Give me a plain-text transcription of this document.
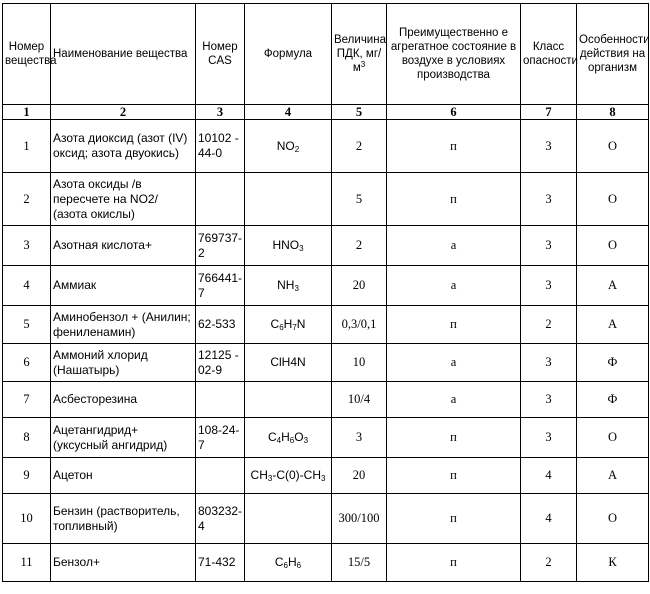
Номер вещества	Наименование вещества	Номер CAS	Формула	Величина ПДК, $мг/м^3$	Преимущественно е агрегатное состояние в воздухе в условиях производства	Класс опасности	Особенности действия на организм
1	2	3	4	5	6	7	8
1	Азота диоксид (азот (IV) оксид; азота двуокись)	10102 - 44-0	$NO_2$	2	п	3	О
2	Азота оксиды /в пересчете на NO2/ (азота окислы)			5	п	3	О
3	Азотная кислота+	769737-2	$HNO_3$	2	а	3	О
4	Аммиак	766441-7	$NH_3$	20	а	3	А
5	Аминобензол + (Анилин; фениленамин)	62-533	$C_6H_7N$	0,3/0,1	п	2	А
6	Аммоний хлорид (Нашатырь)	12125 - 02-9	ClH4N	10	а	3	Ф
7	Асбесторезина			10/4	а	3	Ф
8	Ацетангидрид+ (уксусный ангидрид)	108-24-7	$C_4H_6O_3$	3	п	3	О
9	Ацетон		$CH_3-C(0)-CH_3$	20	п	4	А
10	Бензин (растворитель, топливный)	803232-4		300/100	п	4	О
11	Бензол+	71-432	$C_6H_6$	15/5	п	2	К
